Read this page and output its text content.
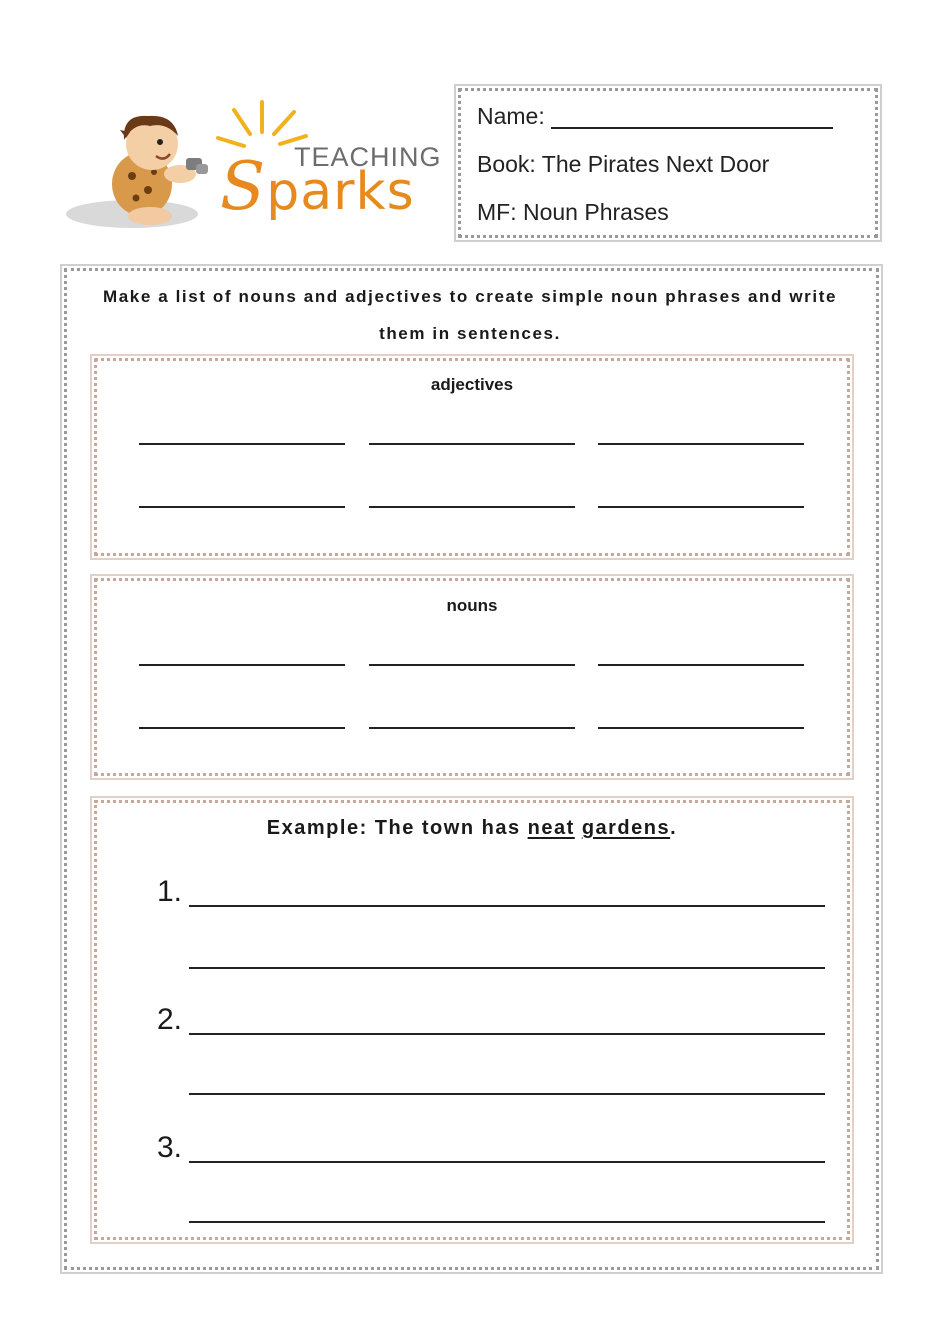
TEACHING
Sparks
Name:
Book: The Pirates Next Door
MF: Noun Phrases
Make a list of nouns and adjectives to create simple noun phrases and write
them in sentences.
adjectives
nouns
Example: The town has neat gardens.
1.
2.
3.
